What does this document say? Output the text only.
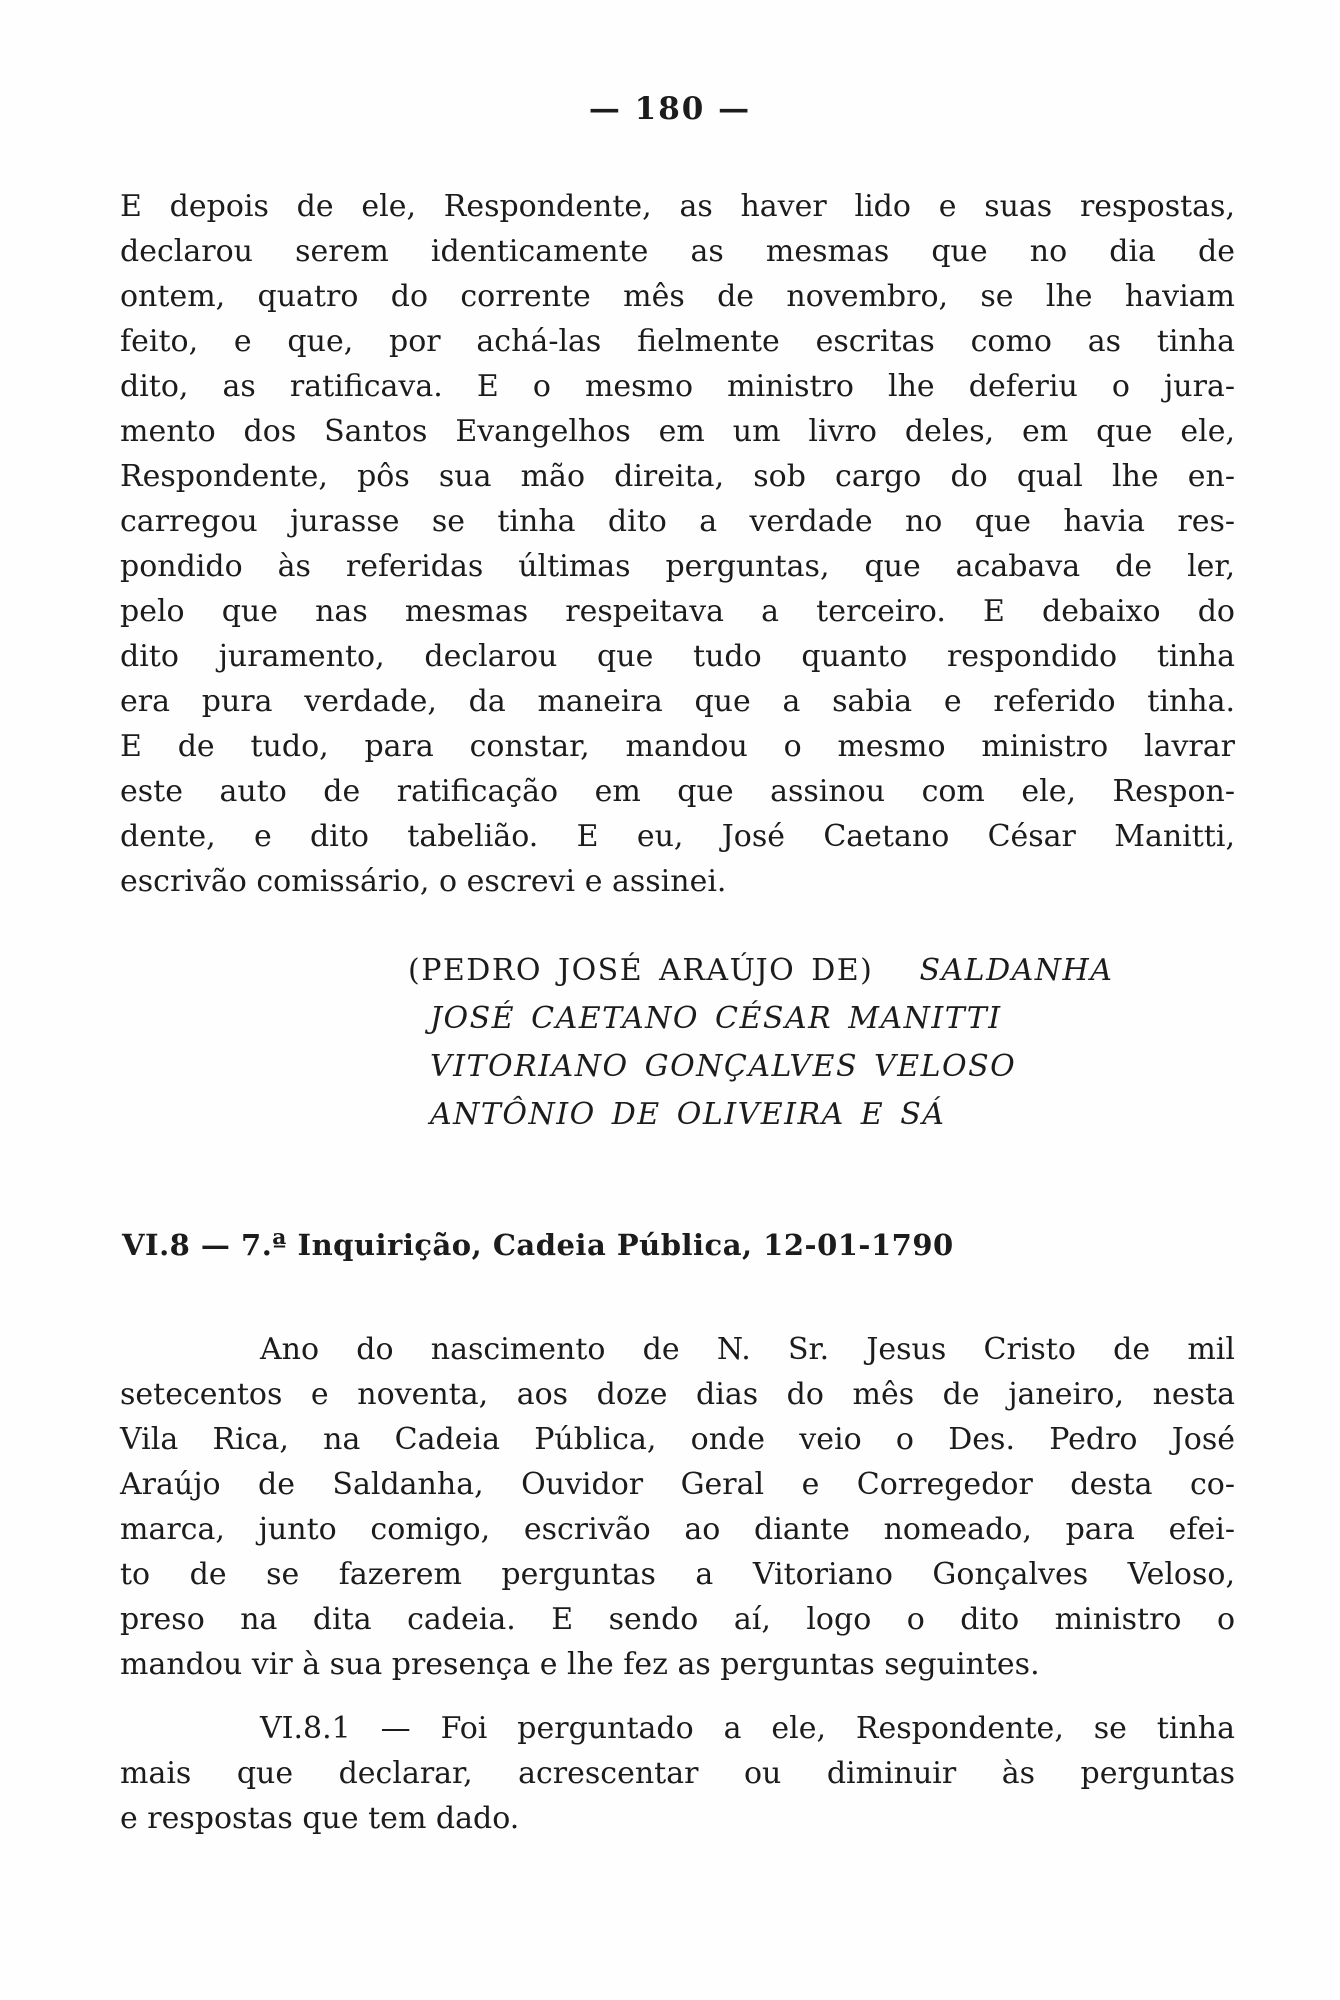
— 180 —
E depois de ele, Respondente, as haver lido e suas respostas,
declarou serem identicamente as mesmas que no dia de
ontem, quatro do corrente mês de novembro, se lhe haviam
feito, e que, por achá-las fielmente escritas como as tinha
dito, as ratificava. E o mesmo ministro lhe deferiu o jura-
mento dos Santos Evangelhos em um livro deles, em que ele,
Respondente, pôs sua mão direita, sob cargo do qual lhe en-
carregou jurasse se tinha dito a verdade no que havia res-
pondido às referidas últimas perguntas, que acabava de ler,
pelo que nas mesmas respeitava a terceiro. E debaixo do
dito juramento, declarou que tudo quanto respondido tinha
era pura verdade, da maneira que a sabia e referido tinha.
E de tudo, para constar, mandou o mesmo ministro lavrar
este auto de ratificação em que assinou com ele, Respon-
dente, e dito tabelião. E eu, José Caetano César Manitti,
escrivão comissário, o escrevi e assinei.
(PEDRO JOSÉ ARAÚJO DE) SALDANHA
JOSÉ CAETANO CÉSAR MANITTI
VITORIANO GONÇALVES VELOSO
ANTÔNIO DE OLIVEIRA E SÁ
VI.8 — 7.ª Inquirição, Cadeia Pública, 12-01-1790
Ano do nascimento de N. Sr. Jesus Cristo de mil
setecentos e noventa, aos doze dias do mês de janeiro, nesta
Vila Rica, na Cadeia Pública, onde veio o Des. Pedro José
Araújo de Saldanha, Ouvidor Geral e Corregedor desta co-
marca, junto comigo, escrivão ao diante nomeado, para efei-
to de se fazerem perguntas a Vitoriano Gonçalves Veloso,
preso na dita cadeia. E sendo aí, logo o dito ministro o
mandou vir à sua presença e lhe fez as perguntas seguintes.
VI.8.1 — Foi perguntado a ele, Respondente, se tinha
mais que declarar, acrescentar ou diminuir às perguntas
e respostas que tem dado.
